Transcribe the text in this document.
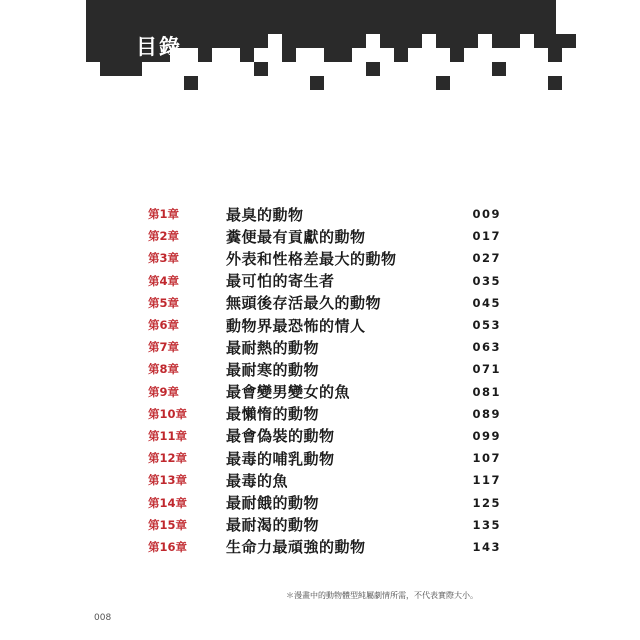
目錄
第1章	最臭的動物	009
第2章	糞便最有貢獻的動物	017
第3章	外表和性格差最大的動物	027
第4章	最可怕的寄生者	035
第5章	無頭後存活最久的動物	045
第6章	動物界最恐怖的情人	053
第7章	最耐熱的動物	063
第8章	最耐寒的動物	071
第9章	最會變男變女的魚	081
第10章	最懶惰的動物	089
第11章	最會偽裝的動物	099
第12章	最毒的哺乳動物	107
第13章	最毒的魚	117
第14章	最耐餓的動物	125
第15章	最耐渴的動物	135
第16章	生命力最頑強的動物	143
＊漫畫中的動物體型純屬劇情所需，不代表實際大小。
008
